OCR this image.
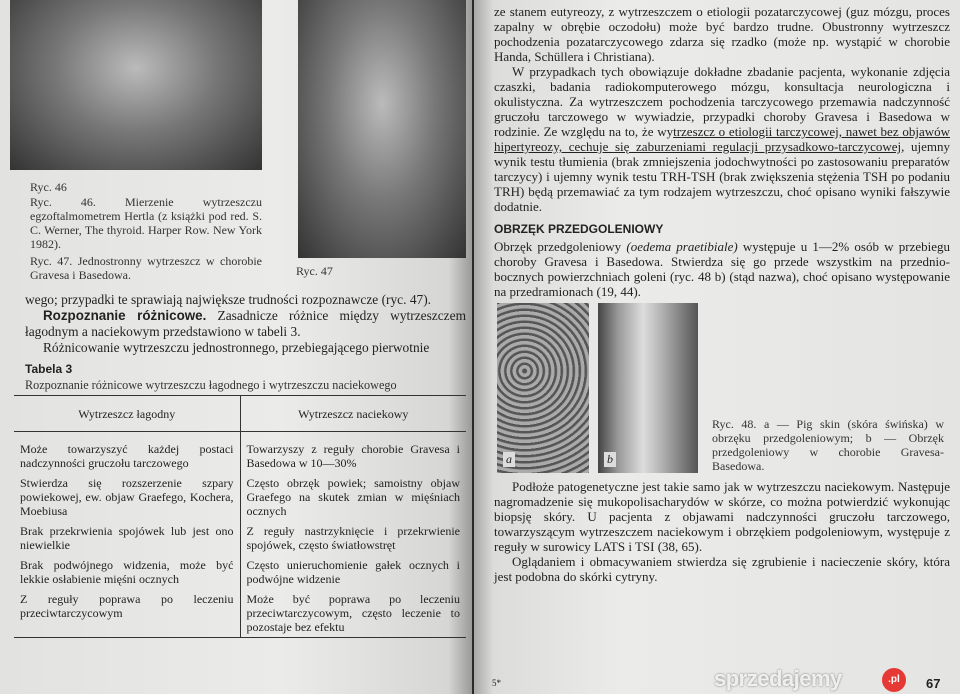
Ryc. 46
Ryc. 46. Mierzenie wytrzeszczu egzoftalmometrem Hertla (z książki pod red. S. C. Werner, The thyroid. Harper Row. New York 1982).
Ryc. 47. Jednostronny wytrzeszcz w chorobie Gravesa i Basedowa.	Ryc. 47

wego; przypadki te sprawiają największe trudności rozpoznawcze (ryc. 47).

Rozpoznanie różnicowe. Zasadnicze różnice między wytrzeszczem łagodnym a naciekowym przedstawiono w tabeli 3.

Różnicowanie wytrzeszczu jednostronnego, przebiegającego pierwotnie

Tabela 3
Rozpoznanie różnicowe wytrzeszczu łagodnego i wytrzeszczu naciekowego
Wytrzeszcz łagodny	Wytrzeszcz naciekowy
Może towarzyszyć każdej postaci nadczynności gruczołu tarczowego	Towarzyszy z reguły chorobie Gravesa i Basedowa w 10—30%
Stwierdza się rozszerzenie szpary powiekowej, ew. objaw Graefego, Kochera, Moebiusa	Często obrzęk powiek; samoistny objaw Graefego na skutek zmian w mięśniach ocznych
Brak przekrwienia spojówek lub jest ono niewielkie	Z reguły nastrzyknięcie i przekrwienie spojówek, często światłowstręt
Brak podwójnego widzenia, może być lekkie osłabienie mięśni ocznych	Często unieruchomienie gałek ocznych i podwójne widzenie
Z reguły poprawa po leczeniu przeciwtarczycowym	Może być poprawa po leczeniu przeciwtarczycowym, często leczenie to pozostaje bez efektu

ze stanem eutyreozy, z wytrzeszczem o etiologii pozatarczycowej (guz mózgu, proces zapalny w obrębie oczodołu) może być bardzo trudne. Obustronny wytrzeszcz pochodzenia pozatarczycowego zdarza się rzadko (może np. wystąpić w chorobie Handa, Schüllera i Christiana).

W przypadkach tych obowiązuje dokładne zbadanie pacjenta, wykonanie zdjęcia czaszki, badania radiokomputerowego mózgu, konsultacja neurologiczna i okulistyczna. Za wytrzeszczem pochodzenia tarczycowego przemawia nadczynność gruczołu tarczowego w wywiadzie, przypadki choroby Gravesa i Basedowa w rodzinie. Ze względu na to, że wytrzeszcz o etiologii tarczycowej, nawet bez objawów hipertyreozy, cechuje się zaburzeniami regulacji przysadkowo-tarczycowej, ujemny wynik testu tłumienia (brak zmniejszenia jodochwytności po zastosowaniu preparatów tarczycy) i ujemny wynik testu TRH-TSH (brak zwiększenia stężenia TSH po podaniu TRH) będą przemawiać za tym rodzajem wytrzeszczu, choć opisano wyniki fałszywie dodatnie.

OBRZĘK PRZEDGOLENIOWY
Obrzęk przedgoleniowy (oedema praetibiale) występuje u 1—2% osób w przebiegu choroby Gravesa i Basedowa. Stwierdza się go przede wszystkim na przednio-bocznych powierzchniach goleni (ryc. 48 b) (stąd nazwa), choć opisano występowanie na przedramionach (19, 44).
a	b
Ryc. 48. a — Pig skin (skóra świńska) w obrzęku przedgoleniowym; b — Obrzęk przedgoleniowy w chorobie Gravesa-Basedowa.

Podłoże patogenetyczne jest takie samo jak w wytrzeszczu naciekowym. Następuje nagromadzenie się mukopolisacharydów w skórze, co można potwierdzić wykonując biopsję skóry. U pacjenta z objawami nadczynności gruczołu tarczowego, towarzyszącym wytrzeszczem naciekowym i obrzękiem podgoleniowym, występuje z reguły w surowicy LATS i TSI (38, 65).

Oglądaniem i obmacywaniem stwierdza się zgrubienie i nacieczenie skóry, która jest podobna do skórki cytryny.

5*	sprzedajemy	.pl	67
